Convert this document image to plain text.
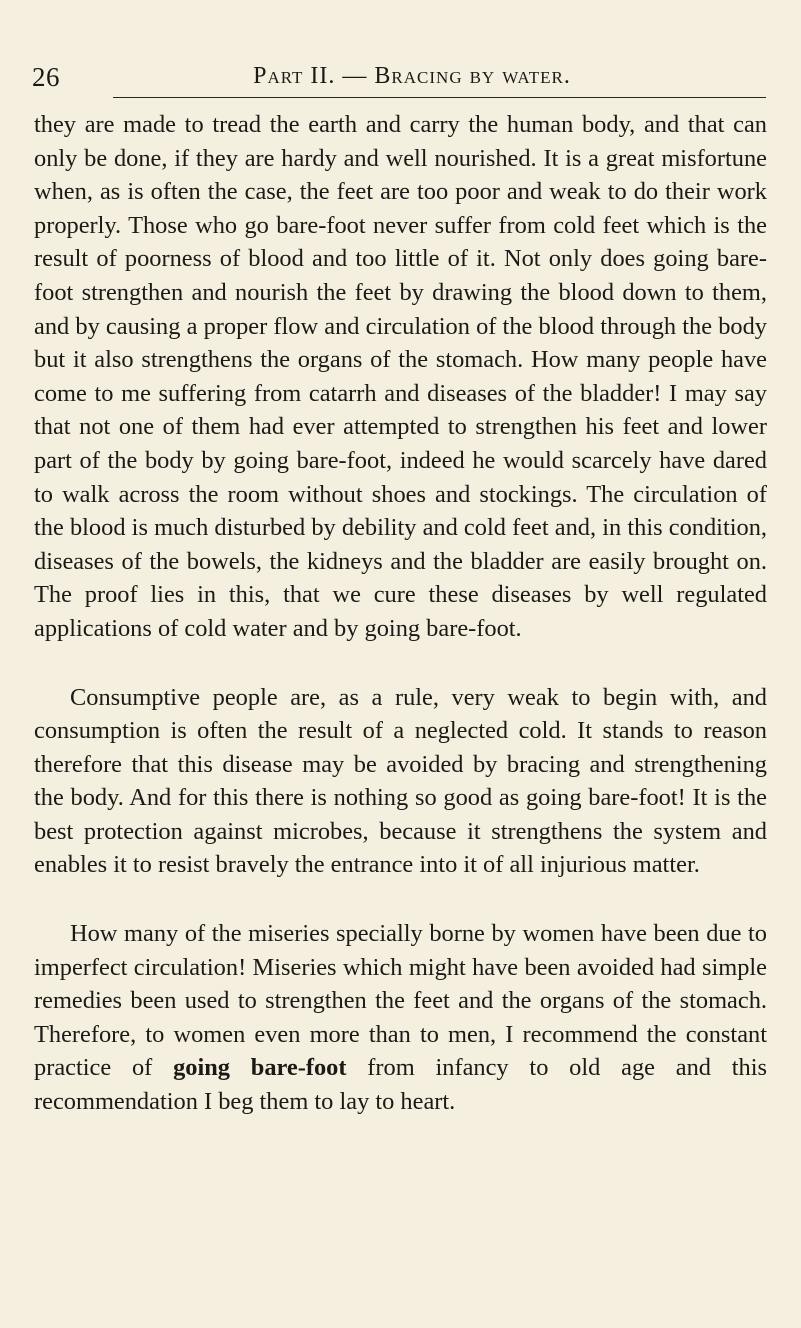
26	Part II. — Bracing by water.

they are made to tread the earth and carry the human body, and that can only be done, if they are hardy and well nourished. It is a great misfortune when, as is often the case, the feet are too poor and weak to do their work properly. Those who go bare-foot never suffer from cold feet which is the result of poorness of blood and too little of it. Not only does going bare-foot strengthen and nourish the feet by drawing the blood down to them, and by causing a proper flow and circulation of the blood through the body but it also strengthens the organs of the stomach. How many people have come to me suffering from catarrh and diseases of the bladder! I may say that not one of them had ever attempted to strengthen his feet and lower part of the body by going bare-foot, indeed he would scarcely have dared to walk across the room without shoes and stockings. The circulation of the blood is much disturbed by debility and cold feet and, in this condition, diseases of the bowels, the kidneys and the bladder are easily brought on. The proof lies in this, that we cure these diseases by well regulated applications of cold water and by going bare-foot.

Consumptive people are, as a rule, very weak to begin with, and consumption is often the result of a neglected cold. It stands to reason therefore that this disease may be avoided by bracing and strengthening the body. And for this there is nothing so good as going bare-foot! It is the best protection against microbes, because it strengthens the system and enables it to resist bravely the entrance into it of all injurious matter.

How many of the miseries specially borne by women have been due to imperfect circulation! Miseries which might have been avoided had simple remedies been used to strengthen the feet and the organs of the stomach. Therefore, to women even more than to men, I recommend the constant practice of going bare-foot from infancy to old age and this recommendation I beg them to lay to heart.
